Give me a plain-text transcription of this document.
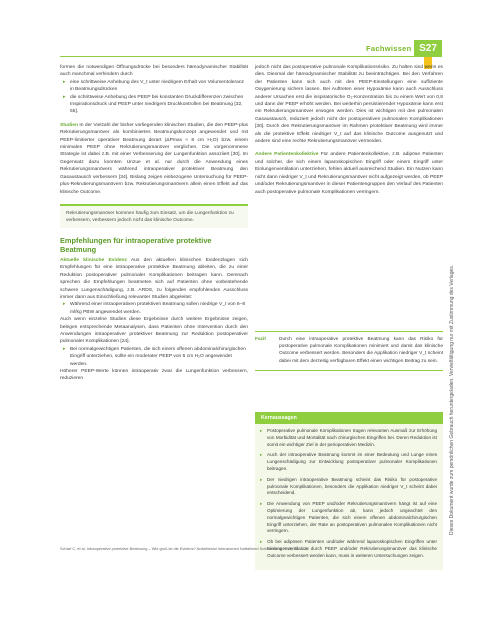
Fachwissen S27

formen die notwendigen Öffnungsdrücke bei besonders hämodynamischer Stabilität auch manchmal verhindern durch

▸ eine schrittweise Anhebung des V_t unter niedrigem Erhalt von Volumentoleranz in Beatmungsdrücken
▸ die schrittweise Anhebung des PEEP bei konstanten Druckdifferenzen zwischen Inspirationsdruck und PEEP unter niedrigem Druckkontrollen bei Beatmung [32, 55].

Studien In der Vielzahl der bisher vorliegenden klinischen Studien, die den PEEP-plus Rekrutierungsmanöver als kombiniertes Beatmungskonzept angewendet und mit PEEP-limitierter operativer Beatmung derart (ΔPmax ≈ 8 cm H₂O) bzw. einem minimalen PEEP ohne Rekrutierungsmanöver verglichen. Die vorgenommene Strategie ist dabei z.B. mit einer Verbesserung der Lungenfunktion assoziiert [30]. Im Gegensatz dazu konnten Unzue et al. nur durch die Anwendung eines Rekrutierungsmanövers während intraoperativer protektiver Beatmung den Gasaustausch verbessern [34]. Bislang zeigen einbezogene Untersuchung für PEEP-plus-Rekrutierungsmanövern bzw. Rekrutierungsmanövern allein einen Effekt auf das klinische Outcome.

Rekrutierungsmanöver kommen häufig zum Einsatz, um die Lungenfunktion zu verbessern, verbessern jedoch nicht das klinische Outcome.
Empfehlungen für intraoperative protektive Beatmung

Aktuelle klinische Evidenz Aus den aktuellen klinischen Evidenzlagen sich Empfehlungen für eine intraoperative protektive Beatmung ableiten, die zu einer Reduktion postoperativer pulmonaler Komplikationen beitragen kann. Demnach sprechen die Empfehlungen beatmeten sich auf Patienten ohne vorbestehende schwere Lungenschädigung, z.B. ARDS, zu folgenden empfohlenden Ausschluss immer dann aus Einschließung relevanter Studien abgeleitet:

▸ Während einer intraoperativen protektiven Beatmung sollen niedrige V_t von 6–8 ml/kg PBW angewendet werden.

Auch wenn einzelne Studien diese Ergebnisse durch weitere Ergebnisse zeigen, belegen entsprechende Metaanalysen, dass Patienten ohne Intervention durch den Anwendungen intraoperativer protektiver Beatmung zur Reduktion postoperativer pulmonaler Komplikationen [24].

▸ Bei normalgewichtigen Patienten, die sich einem offenen abdominalchirurgischen Eingriff unterziehen, sollte ein moderater PEEP von 5 cm H₂O angewendet werden.

Höherer PEEP-Werte können intraoperativ zwar die Lungenfunktion verbessern, reduzieren

jedoch nicht das postoperative pulmonale Komplikationsrisiko. Zu halten sind wenn es dies. Diesmal der hämodynamischer Stabilität zu beeinträchtigen. Bei den Verfahren der Patienten kann sich auch mit den PEEP-Einstellungen eine suffiziente Oxygenierung sichern lassen. Bei Auftreten einer Hypoxämie kann auch Ausschluss anderer Ursachen erst die inspiratorische O₂-Konzentration bis zu einem Wert von 0,8 und dann der PEEP erhöht werden. Bei weiterhin persistierender Hypoxämie kann erst ein Rekrutierungsmanöver erwogen werden. Dies ist wichtigen mit den pulmonalen Gasaustausch, reduziert jedoch nicht der postoperativen pulmonalen Komplikationen [30]. Durch den Rekrutierungsmanöver im Rahmen protektiver Beatmung wird immer als die protektive Effekt niedriger V_t auf das klinische Outcome ausgenutzt und andere sind eine rechte Rekrutierungsmanöver vermeiden.

Andere Patientenkollektive Für andere Patientenkollektive, z.B. adipöse Patienten und solcher, die sich einem laparoskopischen Eingriff oder einem Eingriff unter Einlungenventilation unterziehen, fehlen aktuell ausreichend Studien. Ein Nutzen kann nicht dann niedriger V_t und Rekrutierungsmanöver nicht aufgezeigt werden, ob PEEP und/oder Rekrutierungsmanöver in dieser Patientengruppen den Verlauf des Patienten auch postoperative pulmonale Komplikationen verringern.

Fazit	Durch eine intraoperative protektive Beatmung kann das Risiko für postoperative pulmonale Komplikationen minimiert und damit das klinische Outcome verbessert werden. Besonders die Applikation niedriger V_t scheint dabei mit dem derzeitig verfügbaren Effekt einen wichtigen Beitrag zu sein.
Kernaussagen
▸ Postoperative pulmonale Komplikationen tragen relevanten Ausmaß zur Erhöhung von Morbidität und Mortalität nach chirurgischen Eingriffen bei. Deren Reduktion ist somit ein wichtiger Ziel in der perioperativen Medizin.
▸ Auch der intraoperative Beatmung kommt im einer Bedeutung und Lunge eines Lungenschädigung zur Entwicklung postoperativer pulmonaler Komplikationen beitragen.
▸ Der niedrigen intraoperative Beatmung scheint das Risiko für postoperative pulmonale Komplikationen, besonders die Applikation niedriger V_t scheint dabei entscheidend.
▸ Die Anwendung von PEEP und/oder Rekrutierungsmanövern hängt ist auf eine Optimierung der Lungenfunktion ab, kann jedoch ungeachtet den normalgewichtigen Patienten, die sich einem offenen abdominalchirurgischen Eingriff unterziehen, der Rate an postoperativen pulmonalen Komplikationen nicht verringern.
▸ Ob bei adipösen Patienten und/oder während laparoskopischen Eingriffen unter Einlungenventilation durch PEEP und/oder Rekrutierungsmanöver das klinische Outcome verbessert werden kann, muss in weiteren Untersuchungen zeigen.
Dieses Dokument wurde zum persönlichen Gebrauch heruntergeladen. Vervielfältigung nur mit Zustimmung des Verlages.
Scharf C, et al. Intraoperative protektive Beatmung – Wie groß ist die Evidenz? Anästhesiol Intensivmed Notfallmed Schmerzther 2018; 53: 1–10
